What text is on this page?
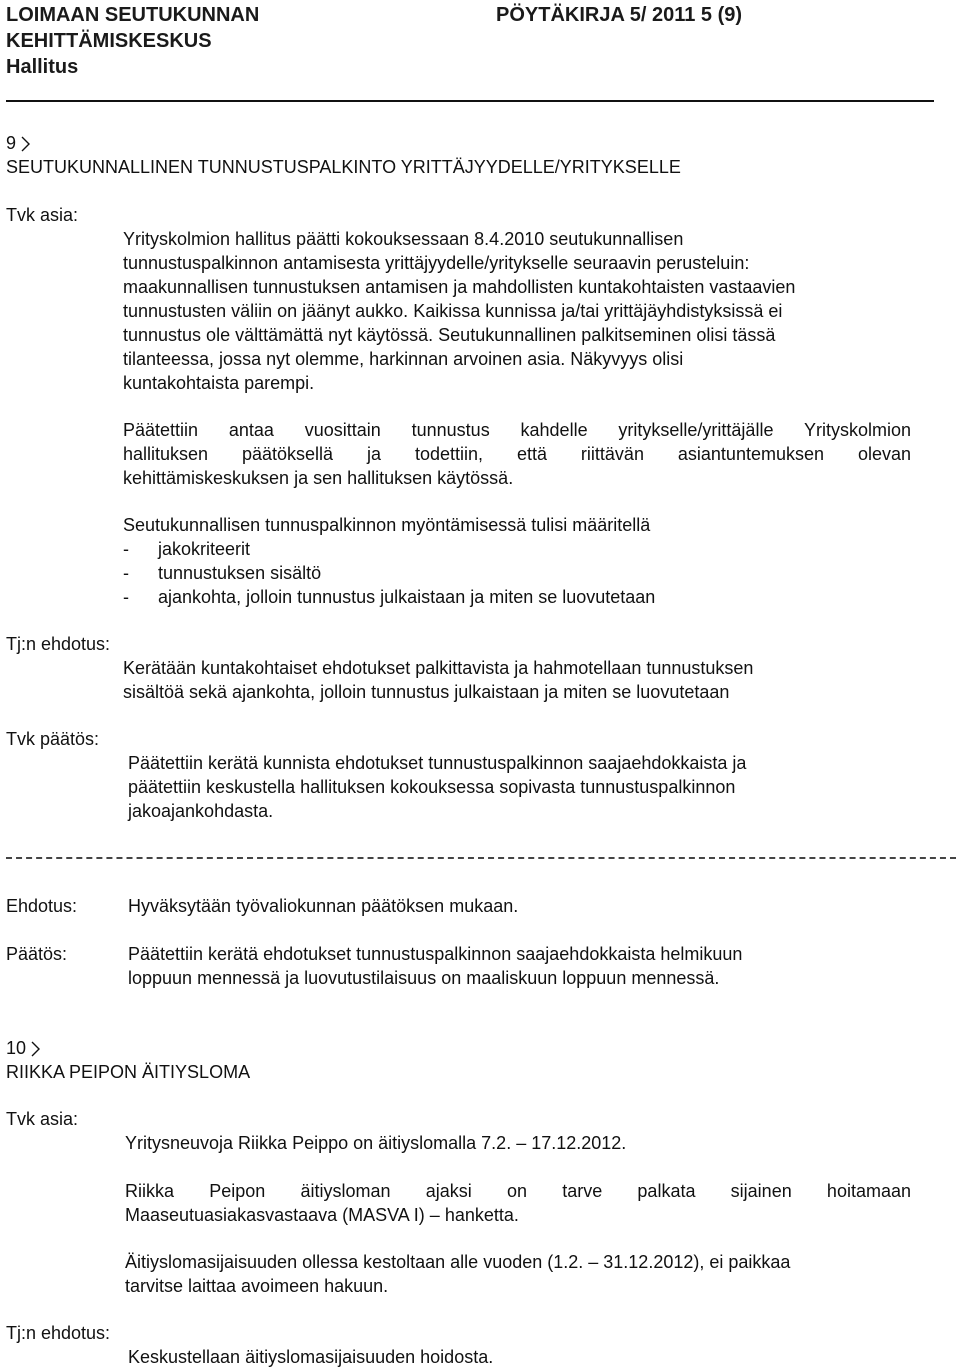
LOIMAAN SEUTUKUNNAN
KEHITTÄMISKESKUS
Hallitus
PÖYTÄKIRJA 5/ 2011 5 (9)
9
SEUTUKUNNALLINEN TUNNUSTUSPALKINTO YRITTÄJYYDELLE/YRITYKSELLE
Tvk asia:
Yrityskolmion hallitus päätti kokouksessaan 8.4.2010 seutukunnallisen
tunnustuspalkinnon antamisesta yrittäjyydelle/yritykselle seuraavin perusteluin:
maakunnallisen tunnustuksen antamisen ja mahdollisten kuntakohtaisten vastaavien
tunnustusten väliin on jäänyt aukko. Kaikissa kunnissa ja/tai yrittäjäyhdistyksissä ei
tunnustus ole välttämättä nyt käytössä. Seutukunnallinen palkitseminen olisi tässä
tilanteessa, jossa nyt olemme, harkinnan arvoinen asia. Näkyvyys olisi
kuntakohtaista parempi.
Päätettiin antaa vuosittain tunnustus kahdelle yritykselle/yrittäjälle Yrityskolmion
hallituksen päätöksellä ja todettiin, että riittävän asiantuntemuksen olevan
kehittämiskeskuksen ja sen hallituksen käytössä.
Seutukunnallisen tunnuspalkinnon myöntämisessä tulisi määritellä
- jakokriteerit
- tunnustuksen sisältö
- ajankohta, jolloin tunnustus julkaistaan ja miten se luovutetaan
Tj:n ehdotus:
Kerätään kuntakohtaiset ehdotukset palkittavista ja hahmotellaan tunnustuksen
sisältöä sekä ajankohta, jolloin tunnustus julkaistaan ja miten se luovutetaan
Tvk päätös:
Päätettiin kerätä kunnista ehdotukset tunnustuspalkinnon saajaehdokkaista ja
päätettiin keskustella hallituksen kokouksessa sopivasta tunnustuspalkinnon
jakoajankohdasta.
Ehdotus:	Hyväksytään työvaliokunnan päätöksen mukaan.
Päätös:	Päätettiin kerätä ehdotukset tunnustuspalkinnon saajaehdokkaista helmikuun
loppuun mennessä ja luovutustilaisuus on maaliskuun loppuun mennessä.
10
RIIKKA PEIPON ÄITIYSLOMA
Tvk asia:
Yritysneuvoja Riikka Peippo on äitiyslomalla 7.2. – 17.12.2012.
Riikka Peipon äitiysloman ajaksi on tarve palkata sijainen hoitamaan
Maaseutuasiakasvastaava (MASVA I) – hanketta.
Äitiyslomasijaisuuden ollessa kestoltaan alle vuoden (1.2. – 31.12.2012), ei paikkaa
tarvitse laittaa avoimeen hakuun.
Tj:n ehdotus:
Keskustellaan äitiyslomasijaisuuden hoidosta.
